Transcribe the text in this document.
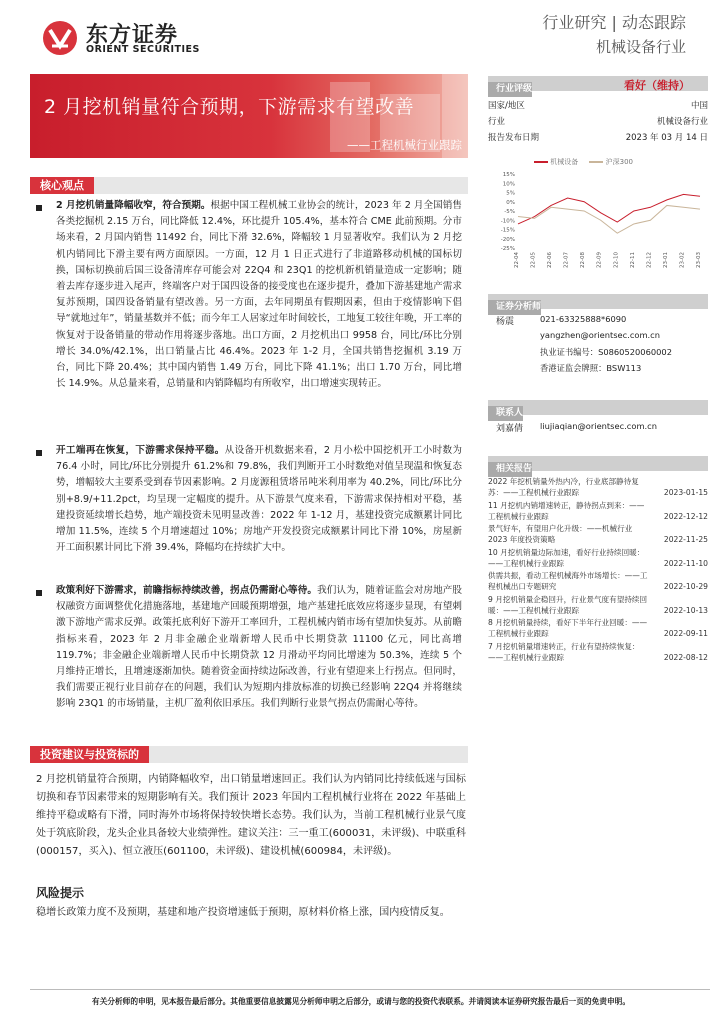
东方证券
ORIENT SECURITIES
行业研究 | 动态跟踪
机械设备行业
2 月挖机销量符合预期，下游需求有望改善
——工程机械行业跟踪
行业评级	看好（维持）
国家/地区	中国
行业	机械设备行业
报告发布日期	2023 年 03 月 14 日
机械设备	沪深300
15%
10%
5%
0%
-5%
-10%
-15%
-20%
-25%
22-04 22-05 22-06 22-07 22-08 22-09 22-10 22-11 22-12 23-01 23-02 23-03
证券分析师
杨震	021-63325888*6090
yangzhen@orientsec.com.cn
执业证书编号：S0860520060002
香港证监会牌照：BSW113
联系人
刘嘉倩 liujiaqian@orientsec.com.cn
相关报告
2022 年挖机销量外热内冷，行业底部静待复苏：——工程机械行业跟踪	2023-01-15
11 月挖机内销增速转正，静待拐点到来：——工程机械行业跟踪	2022-12-12
景气好车，有望用户化升级：——机械行业 2023 年度投资策略	2022-11-25
10 月挖机销量边际加速，看好行业持续回暖：——工程机械行业跟踪	2022-11-10
供需共振，看动工程机械海外市场增长：——工程机械出口专题研究	2022-10-29
9 月挖机销量企稳回升，行业景气度有望持续回暖：——工程机械行业跟踪	2022-10-13
8 月挖机销量持续，看好下半年行业回暖：——工程机械行业跟踪	2022-09-11
7 月挖机销量增速转正，行业有望持续恢复：——工程机械行业跟踪	2022-08-12
核心观点
2 月挖机销量降幅收窄，符合预期。根据中国工程机械工业协会的统计，2023 年 2 月全国销售各类挖掘机 2.15 万台，同比降低 12.4%，环比提升 105.4%，基本符合 CME 此前预期。分市场来看，2 月国内销售 11492 台，同比下滑 32.6%，降幅较 1 月显著收窄。我们认为 2 月挖机内销同比下滑主要有两方面原因。一方面，12 月 1 日正式进行了非道路移动机械的国标切换，国标切换前后国三设备清库存可能会对 22Q4 和 23Q1 的挖机新机销量造成一定影响；随着去库存逐步进入尾声，终端客户对于国四设备的接受度也在逐步提升，叠加下游基建地产需求复苏预期，国四设备销量有望改善。另一方面，去年同期虽有假期因素，但由于疫情影响下倡导“就地过年”，销量基数并不低；而今年工人居家过年时间较长，工地复工较往年晚，开工率的恢复对于设备销量的带动作用将逐步落地。出口方面，2 月挖机出口 9958 台，同比/环比分别增长 34.0%/42.1%，出口销量占比 46.4%。2023 年 1-2 月，全国共销售挖掘机 3.19 万台，同比下降 20.4%；其中国内销售 1.49 万台，同比下降 41.1%；出口 1.70 万台，同比增长 14.9%。从总量来看，总销量和内销降幅均有所收窄，出口增速实现转正。
开工端再在恢复，下游需求保持平稳。从设备开机数据来看，2 月小松中国挖机开工小时数为 76.4 小时，同比/环比分别提升 61.2%和 79.8%，我们判断开工小时数绝对值呈现温和恢复态势，增幅较大主要系受到春节因素影响。2 月庞源租赁塔吊吨米利用率为 40.2%，同比/环比分别+8.9/+11.2pct，均呈现一定幅度的提升。从下游景气度来看，下游需求保持相对平稳，基建投资延续增长趋势，地产端投资未见明显改善：2022 年 1-12 月，基建投资完成额累计同比增加 11.5%，连续 5 个月增速超过 10%；房地产开发投资完成额累计同比下滑 10%，房屋新开工面积累计同比下滑 39.4%，降幅均在持续扩大中。
政策利好下游需求，前瞻指标持续改善，拐点仍需耐心等待。我们认为，随着证监会对房地产股权融资方面调整优化措施落地，基建地产回暖预期增强，地产基建托底效应将逐步显现，有望刺激下游地产需求反弹。政策托底利好下游开工率回升，工程机械内销市场有望加快复苏。从前瞻指标来看，2023 年 2 月非金融企业端新增人民币中长期贷款 11100 亿元，同比高增 119.7%；非金融企业端新增人民币中长期贷款 12 月滑动平均同比增速为 50.3%，连续 5 个月维持正增长，且增速逐渐加快。随着资金面持续边际改善，行业有望迎来上行拐点。但同时，我们需要正视行业目前存在的问题，我们认为短期内排放标准的切换已经影响 22Q4 并将继续影响 23Q1 的市场销量，主机厂盈利依旧承压。我们判断行业景气拐点仍需耐心等待。
投资建议与投资标的
2 月挖机销量符合预期，内销降幅收窄，出口销量增速回正。我们认为内销同比持续低迷与国标切换和春节因素带来的短期影响有关。我们预计 2023 年国内工程机械行业将在 2022 年基础上维持平稳或略有下滑，同时海外市场将保持较快增长态势。我们认为，当前工程机械行业景气度处于筑底阶段，龙头企业具备较大业绩弹性。建议关注：三一重工(600031，未评级)、中联重科(000157，买入)、恒立液压(601100，未评级)、建设机械(600984，未评级)。
风险提示
稳增长政策力度不及预期，基建和地产投资增速低于预期，原材料价格上涨，国内疫情反复。
有关分析师的申明，见本报告最后部分。其他重要信息披露见分析师申明之后部分，或请与您的投资代表联系。并请阅读本证券研究报告最后一页的免责申明。
